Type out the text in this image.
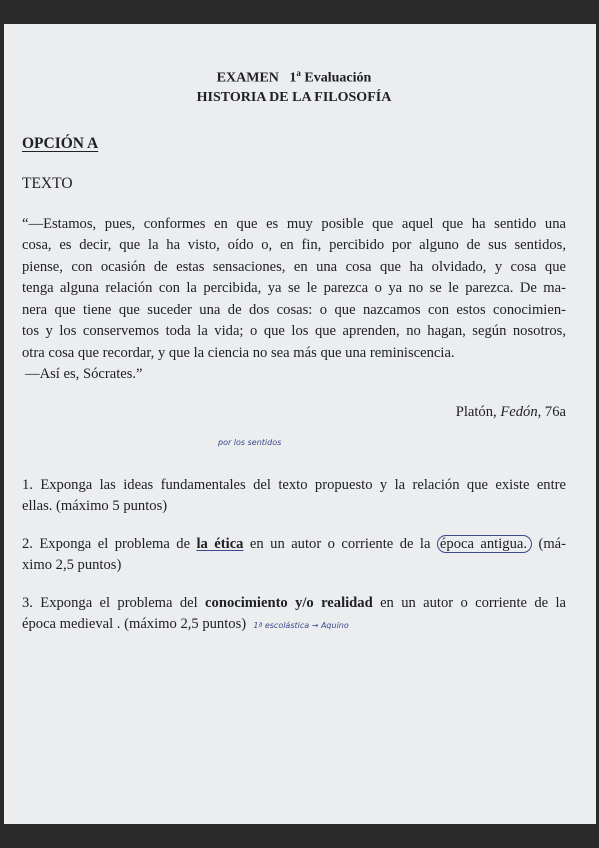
EXAMEN 1$^a$ Evaluación
HISTORIA DE LA FILOSOFÍA
OPCIÓN A
TEXTO
por los sentidos
“—Estamos, pues, conformes en que es muy posible que aquel que ha sentido una
cosa, es decir, que la ha visto, oído o, en fin, percibido por alguno de sus sentidos,
piense, con ocasión de estas sensaciones, en una cosa que ha olvidado, y cosa que
tenga alguna relación con la percibida, ya se le parezca o ya no se le parezca. De ma-
nera que tiene que suceder una de dos cosas: o que nazcamos con estos conocimien-
tos y los conservemos toda la vida; o que los que aprenden, no hagan, según nosotros,
otra cosa que recordar, y que la ciencia no sea más que una reminiscencia.
—Así es, Sócrates.”
Platón, Fedón, 76a
1. Exponga las ideas fundamentales del texto propuesto y la relación que existe entre
ellas. (máximo 5 puntos)
2. Exponga el problema de la ética en un autor o corriente de la época antigua. (má-
ximo 2,5 puntos)
3. Exponga el problema del conocimiento y/o realidad en un autor o corriente de la
época medieval . (máximo 2,5 puntos) 1ª escolástica → Aquino
